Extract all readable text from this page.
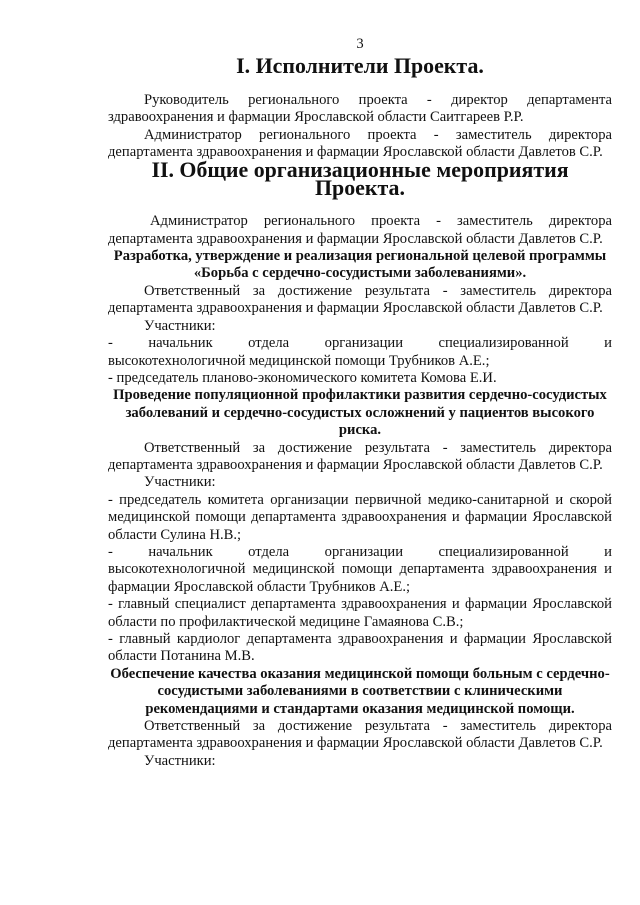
3
I. Исполнители Проекта.

Руководитель регионального проекта - директор департамента здравоохранения и фармации Ярославской области Саитгареев Р.Р.

Администратор регионального проекта - заместитель директора департамента здравоохранения и фармации Ярославской области Давлетов С.Р.

II. Общие организационные мероприятия Проекта.

Администратор регионального проекта - заместитель директора департамента здравоохранения и фармации Ярославской области Давлетов С.Р.

Разработка, утверждение и реализация региональной целевой программы «Борьба с сердечно-сосудистыми заболеваниями».

Ответственный за достижение результата - заместитель директора департамента здравоохранения и фармации Ярославской области Давлетов С.Р.

Участники:

- начальник отдела организации специализированной и

высокотехнологичной медицинской помощи Трубников А.Е.;

- председатель планово-экономического комитета Комова Е.И.

Проведение популяционной профилактики развития сердечно-сосудистых заболеваний и сердечно-сосудистых осложнений у пациентов высокого риска.

Ответственный за достижение результата - заместитель директора департамента здравоохранения и фармации Ярославской области Давлетов С.Р.

Участники:

- председатель комитета организации первичной медико-санитарной и скорой медицинской помощи департамента здравоохранения и фармации Ярославской области Сулина Н.В.;

- начальник отдела организации специализированной и

высокотехнологичной медицинской помощи департамента здравоохранения и фармации Ярославской области Трубников А.Е.;

- главный специалист департамента здравоохранения и фармации Ярославской области по профилактической медицине Гамаянова С.В.;

- главный кардиолог департамента здравоохранения и фармации Ярославской области Потанина М.В.

Обеспечение качества оказания медицинской помощи больным с сердечно-сосудистыми заболеваниями в соответствии с клиническими рекомендациями и стандартами оказания медицинской помощи.

Ответственный за достижение результата - заместитель директора департамента здравоохранения и фармации Ярославской области Давлетов С.Р.

Участники:
